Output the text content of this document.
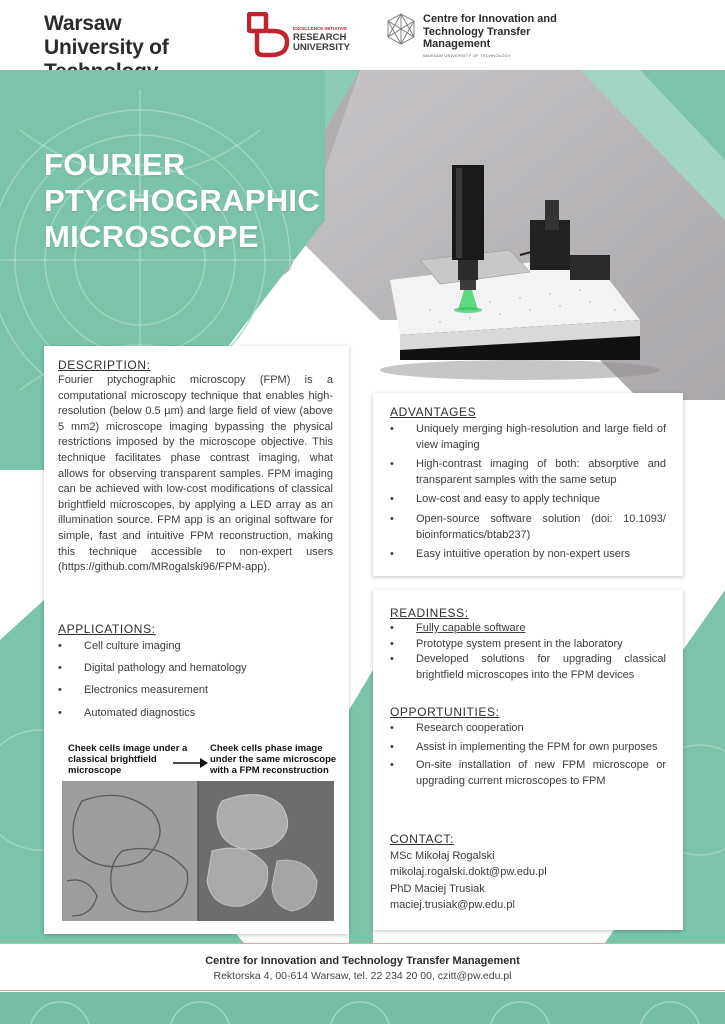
Warsaw University of
EXCELLENCE INITIATIVE
RESEARCH UNIVERSITY
Centre for Innovation and Technology Transfer Management
WARSAW UNIVERSITY OF TECHNOLOGY
FOURIER PTYCHOGRAPHIC MICROSCOPE
DESCRIPTION:
Fourier ptychographic microscopy (FPM) is a computational microscopy technique that enables high-resolution (below 0.5 µm) and large field of view (above 5 mm2) microscope imaging bypassing the physical restrictions imposed by the microscope objective. This technique facilitates phase contrast imaging, what allows for observing transparent samples. FPM imaging can be achieved with low-cost modifications of classical brightfield microscopes, by applying a LED array as an illumination source. FPM app is an original software for simple, fast and intuitive FPM reconstruction, making this technique accessible to non-expert users (https://github.com/MRogalski96/FPM-app).
APPLICATIONS:
•	Cell culture imaging
•	Digital pathology and hematology
•	Electronics measurement
•	Automated diagnostics
Cheek cells image under a classical brightfield microscope
Cheek cells phase image under the same microscope with a FPM reconstruction
ADVANTAGES
•	Uniquely merging high-resolution and large field of view imaging
•	High-contrast imaging of both: absorptive and transparent samples with the same setup
•	Low-cost and easy to apply technique
•	Open-source software solution (doi: 10.1093/ bioinformatics/btab237)
•	Easy intuitive operation by non-expert users
READINESS:
•	Fully capable software
•	Prototype system present in the laboratory
•	Developed solutions for upgrading classical brightfield microscopes into the FPM devices
OPPORTUNITIES:
•	Research cooperation
•	Assist in implementing the FPM for own purposes
•	On-site installation of new FPM microscope or upgrading current microscopes to FPM
CONTACT:
MSc Mikołaj Rogalski
mikolaj.rogalski.dokt@pw.edu.pl
PhD Maciej Trusiak
maciej.trusiak@pw.edu.pl
Centre for Innovation and Technology Transfer Management
Rektorska 4, 00-614 Warsaw, tel. 22 234 20 00, czitt@pw.edu.pl
